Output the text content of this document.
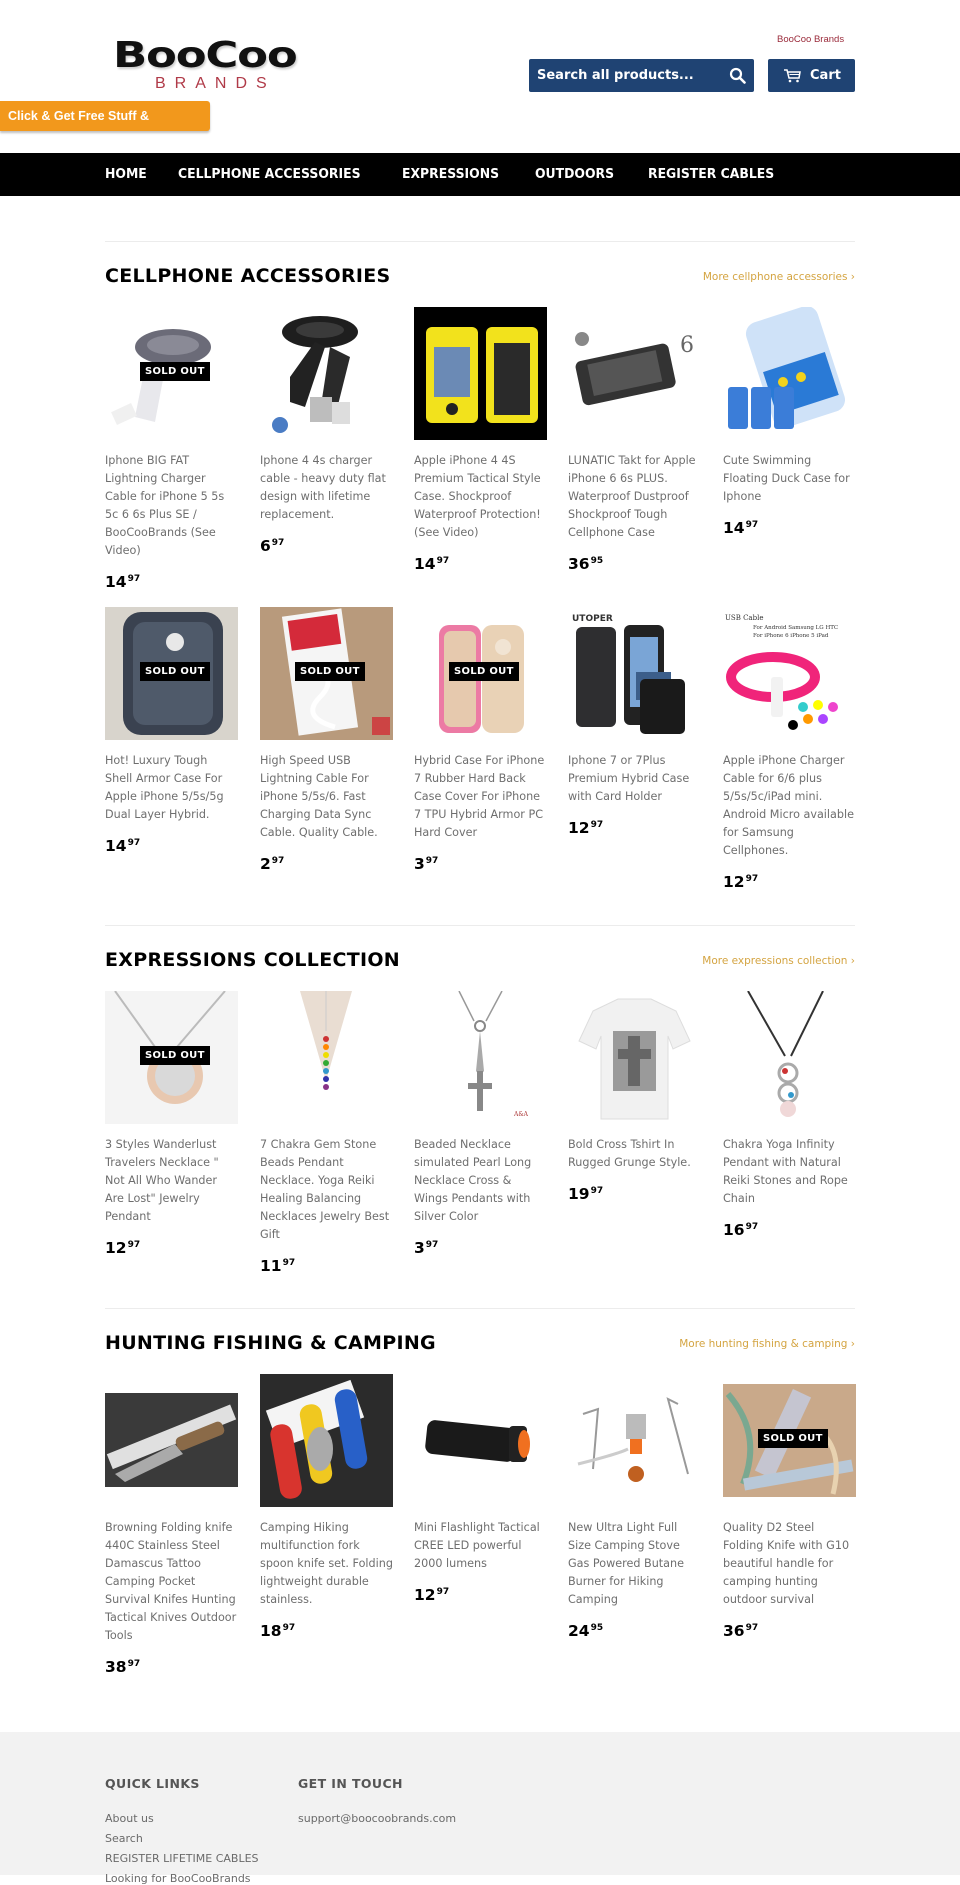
BooCoo
BRANDS
Click & Get Free Stuff & Discounts
BooCoo Brands
Search all products...
Cart
HOME CELLPHONE ACCESSORIES	EXPRESSIONS	OUTDOORS	REGISTER CABLES
CELLPHONE ACCESSORIES	More cellphone accessories ›
SOLD OUT
Iphone BIG FAT Lightning Charger Cable for iPhone 5 5s 5c 6 6s Plus SE / BooCooBrands (See Video)
$14^{97}$
Iphone 4 4s charger cable - heavy duty flat design with lifetime replacement.
$6^{97}$
Apple iPhone 4 4S Premium Tactical Style Case. Shockproof Waterproof Protection! (See Video)
$14^{97}$
6
LUNATIC Takt for Apple iPhone 6 6s PLUS. Waterproof Dustproof Shockproof Tough Cellphone Case
$36^{95}$
Cute Swimming Floating Duck Case for Iphone
$14^{97}$
SOLD OUT
Hot! Luxury Tough Shell Armor Case For Apple iPhone 5/5s/5g Dual Layer Hybrid.
$14^{97}$
SOLD OUT
High Speed USB Lightning Cable For iPhone 5/5s/6. Fast Charging Data Sync Cable. Quality Cable.
$2^{97}$
SOLD OUT
Hybrid Case For iPhone 7 Rubber Hard Back Case Cover For iPhone 7 TPU Hybrid Armor PC Hard Cover
$3^{97}$
UTOPER
Iphone 7 or 7Plus Premium Hybrid Case with Card Holder
$12^{97}$
USB Cable
For Android Samsung LG HTC
For iPhone 6 iPhone 5 iPad
Apple iPhone Charger Cable for 6/6 plus 5/5s/5c/iPad mini. Android Micro available for Samsung Cellphones.
$12^{97}$
EXPRESSIONS COLLECTION	More expressions collection ›
SOLD OUT
3 Styles Wanderlust Travelers Necklace " Not All Who Wander Are Lost" Jewelry Pendant
$12^{97}$
7 Chakra Gem Stone Beads Pendant Necklace. Yoga Reiki Healing Balancing Necklaces Jewelry Best Gift
$11^{97}$
A&A
Beaded Necklace simulated Pearl Long Necklace Cross & Wings Pendants with Silver Color
$3^{97}$
Bold Cross Tshirt In Rugged Grunge Style.
$19^{97}$
Chakra Yoga Infinity Pendant with Natural Reiki Stones and Rope Chain
$16^{97}$
HUNTING FISHING & CAMPING	More hunting fishing & camping ›
Browning Folding knife 440C Stainless Steel Damascus Tattoo Camping Pocket Survival Knifes Hunting Tactical Knives Outdoor Tools
$38^{97}$
Camping Hiking multifunction fork spoon knife set. Folding lightweight durable stainless.
$18^{97}$
Mini Flashlight Tactical CREE LED powerful 2000 lumens
$12^{97}$
New Ultra Light Full Size Camping Stove Gas Powered Butane Burner for Hiking Camping
$24^{95}$
SOLD OUT
Quality D2 Steel Folding Knife with G10 beautiful handle for camping hunting outdoor survival
$36^{97}$
QUICK LINKS
About us
Search
REGISTER LIFETIME CABLES
Looking for BooCooBrands
GET IN TOUCH
support@boocoobrands.com
